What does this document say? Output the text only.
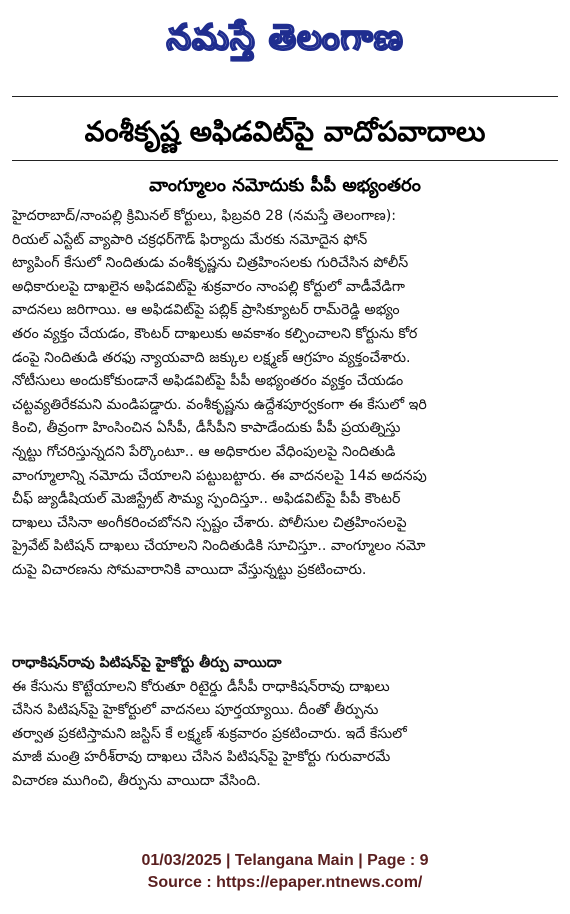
నమస్తే తెలంగాణ
వంశీకృష్ణ అఫిడవిట్‌పై వాదోపవాదాలు
వాంగ్మూలం నమోదుకు పీపీ అభ్యంతరం
హైదరాబాద్/నాంపల్లి క్రిమినల్ కోర్టులు, ఫిబ్రవరి 28 (నమస్తే తెలంగాణ):
రియల్ ఎస్టేట్ వ్యాపారి చక్రధర్‌గౌడ్ ఫిర్యాదు మేరకు నమోదైన ఫోన్
ట్యాపింగ్ కేసులో నిందితుడు వంశీకృష్ణను చిత్రహింసలకు గురిచేసిన పోలీస్
అధికారులపై దాఖలైన అఫిడవిట్‌పై శుక్రవారం నాంపల్లి కోర్టులో వాడీవేడిగా
వాదనలు జరిగాయి. ఆ అఫిడవిట్‌పై పబ్లిక్ ప్రాసిక్యూటర్ రామ్‌రెడ్డి అభ్యం
తరం వ్యక్తం చేయడం, కౌంటర్ దాఖలుకు అవకాశం కల్పించాలని కోర్టును కోర
డంపై నిందితుడి తరఫు న్యాయవాది జక్కుల లక్ష్మణ్ ఆగ్రహం వ్యక్తంచేశారు.
నోటీసులు అందుకోకుండానే అఫిడవిట్‌పై పీపీ అభ్యంతరం వ్యక్తం చేయడం
చట్టవ్యతిరేకమని మండిపడ్డారు. వంశీకృష్ణను ఉద్దేశపూర్వకంగా ఈ కేసులో ఇరి
కించి, తీవ్రంగా హింసించిన ఏసీపీ, డీసీపీని కాపాడేందుకు పీపీ ప్రయత్నిస్తు
న్నట్టు గోచరిస్తున్నదని పేర్కొంటూ.. ఆ అధికారుల వేధింపులపై నిందితుడి
వాంగ్మూలాన్ని నమోదు చేయాలని పట్టుబట్టారు. ఈ వాదనలపై 14వ అదనపు
చీఫ్ జ్యుడీషియల్ మెజిస్ట్రేట్ సౌమ్య స్పందిస్తూ.. అఫిడవిట్‌పై పీపీ కౌంటర్
దాఖలు చేసినా అంగీకరించబోనని స్పష్టం చేశారు. పోలీసుల చిత్రహింసలపై
ప్రైవేట్ పిటిషన్ దాఖలు చేయాలని నిందితుడికి సూచిస్తూ.. వాంగ్మూలం నమో
దుపై విచారణను సోమవారానికి వాయిదా వేస్తున్నట్టు ప్రకటించారు.
రాధాకిషన్‌రావు పిటిషన్‌పై హైకోర్టు తీర్పు వాయిదా
ఈ కేసును కొట్టేయాలని కోరుతూ రిటైర్డు డీసీపీ రాధాకిషన్‌రావు దాఖలు
చేసిన పిటిషన్‌పై హైకోర్టులో వాదనలు పూర్తయ్యాయి. దీంతో తీర్పును
తర్వాత ప్రకటిస్తామని జస్టిస్ కే లక్ష్మణ్ శుక్రవారం ప్రకటించారు. ఇదే కేసులో
మాజీ మంత్రి హరీశ్‌రావు దాఖలు చేసిన పిటిషన్‌పై హైకోర్టు గురువారమే
విచారణ ముగించి, తీర్పును వాయిదా వేసింది.
01/03/2025 | Telangana Main | Page : 9
Source : https://epaper.ntnews.com/
